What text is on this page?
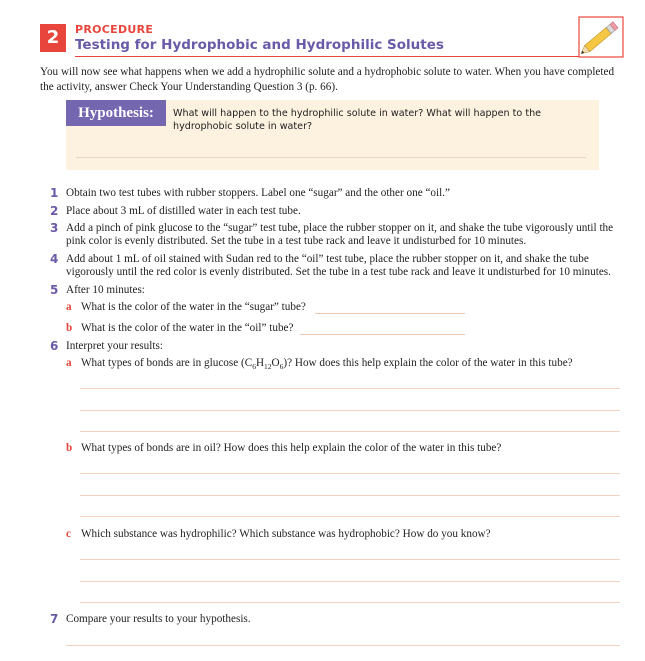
2	PROCEDURE
Testing for Hydrophobic and Hydrophilic Solutes
You will now see what happens when we add a hydrophilic solute and a hydrophobic solute to water. When you have completed the activity, answer Check Your Understanding Question 3 (p. 66).
Hypothesis:	What will happen to the hydrophilic solute in water? What will happen to the hydrophobic solute in water?
1 Obtain two test tubes with rubber stoppers. Label one “sugar” and the other one “oil.”
2 Place about 3 mL of distilled water in each test tube.
3 Add a pinch of pink glucose to the “sugar” test tube, place the rubber stopper on it, and shake the tube vigorously until the pink color is evenly distributed. Set the tube in a test tube rack and leave it undisturbed for 10 minutes.
4 Add about 1 mL of oil stained with Sudan red to the “oil” test tube, place the rubber stopper on it, and shake the tube vigorously until the red color is evenly distributed. Set the tube in a test tube rack and leave it undisturbed for 10 minutes.
5 After 10 minutes:
a What is the color of the water in the “sugar” tube?
b What is the color of the water in the “oil” tube?
6 Interpret your results:
a What types of bonds are in glucose $(C_6H_{12}O_6)$? How does this help explain the color of the water in this tube?
b What types of bonds are in oil? How does this help explain the color of the water in this tube?
c Which substance was hydrophilic? Which substance was hydrophobic? How do you know?
7 Compare your results to your hypothesis.
